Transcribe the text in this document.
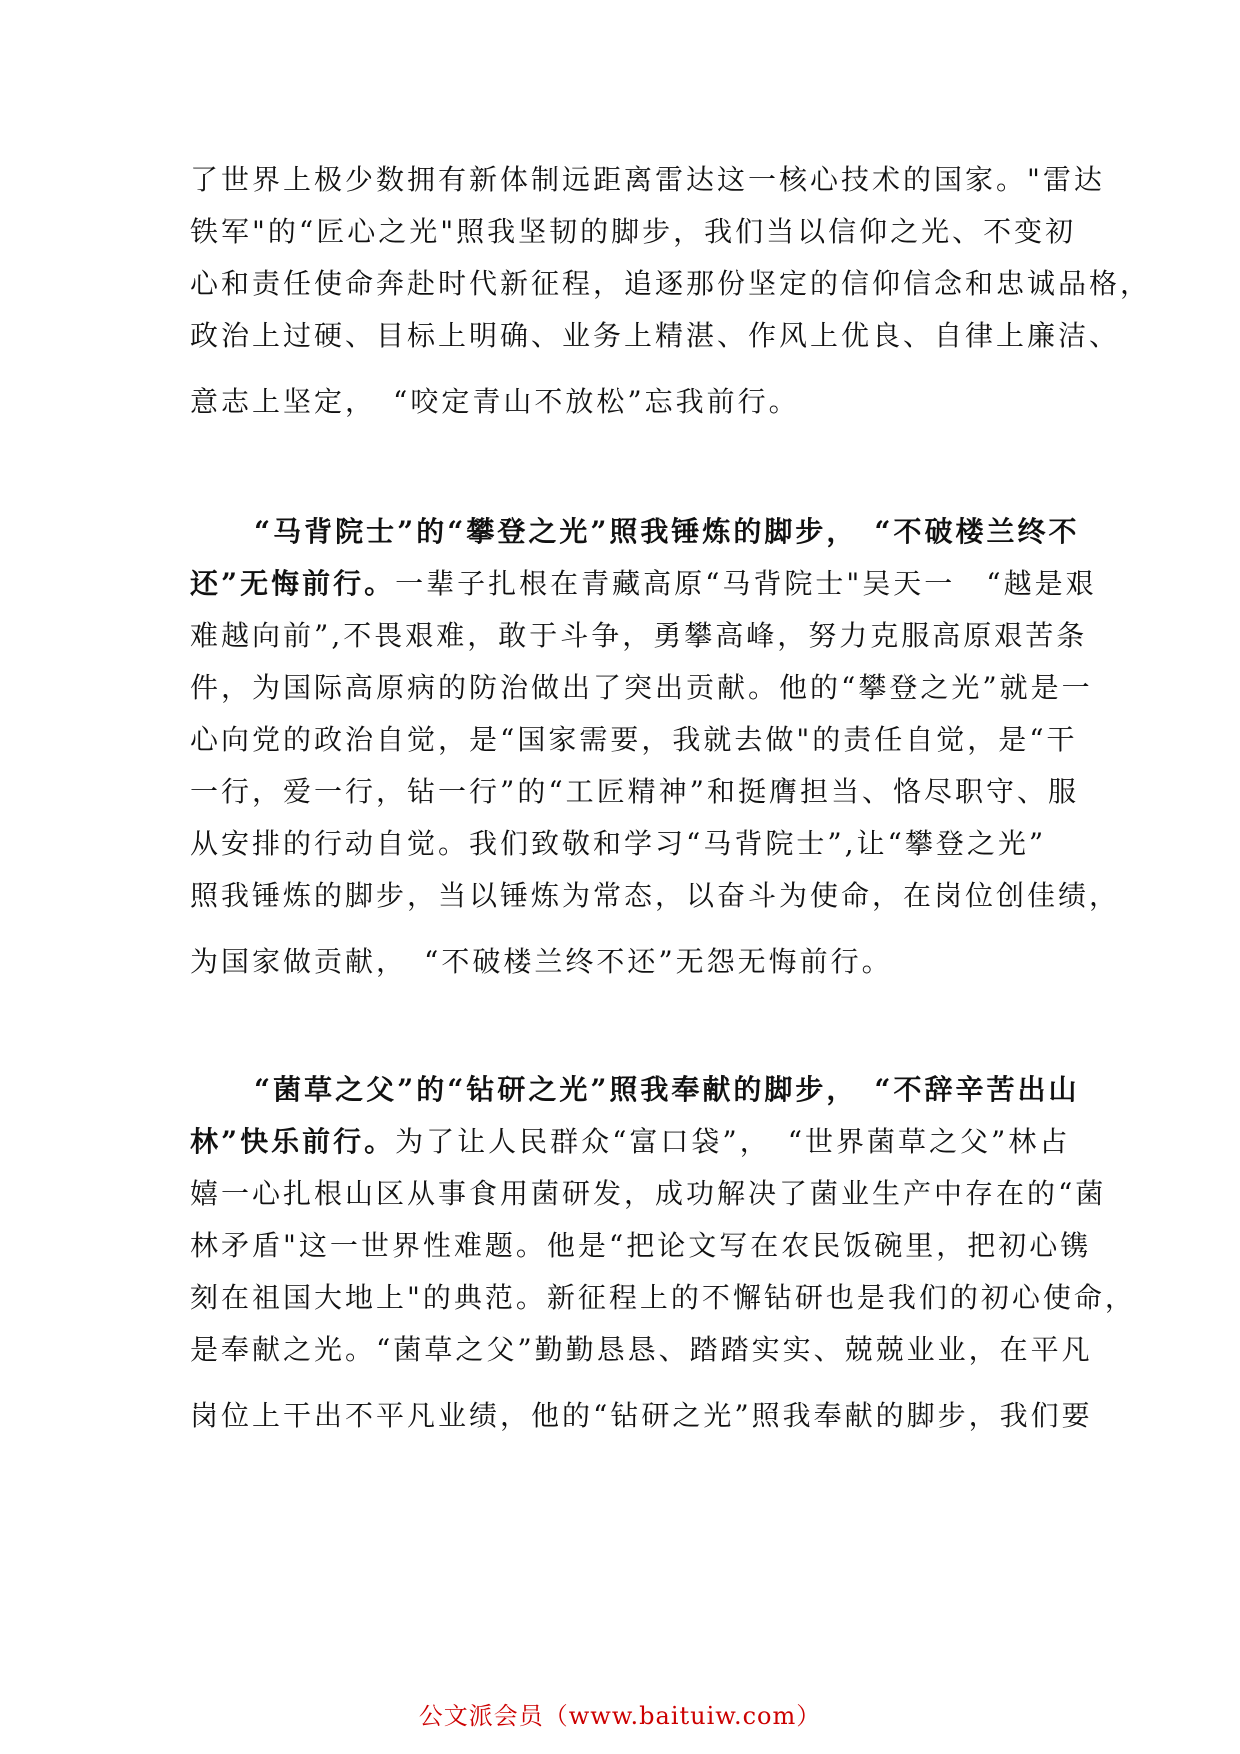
了世界上极少数拥有新体制远距离雷达这一核心技术的国家。"雷达
铁军"的“匠心之光"照我坚韧的脚步，我们当以信仰之光、不变初
心和责任使命奔赴时代新征程，追逐那份坚定的信仰信念和忠诚品格，
政治上过硬、目标上明确、业务上精湛、作风上优良、自律上廉洁、
意志上坚定，　“咬定青山不放松”忘我前行。
“马背院士”的“攀登之光”照我锤炼的脚步，　“不破楼兰终不
还”无悔前行。一辈子扎根在青藏高原“马背院士"吴天一　“越是艰
难越向前”,不畏艰难，敢于斗争，勇攀高峰，努力克服高原艰苦条
件，为国际高原病的防治做出了突出贡献。他的“攀登之光”就是一
心向党的政治自觉，是“国家需要，我就去做"的责任自觉，是“干
一行，爱一行，钻一行”的“工匠精神”和挺膺担当、恪尽职守、服
从安排的行动自觉。我们致敬和学习“马背院士”,让“攀登之光”
照我锤炼的脚步，当以锤炼为常态，以奋斗为使命，在岗位创佳绩，
为国家做贡献，　“不破楼兰终不还”无怨无悔前行。
“菌草之父”的“钻研之光”照我奉献的脚步，　“不辞辛苦出山
林”快乐前行。为了让人民群众“富口袋”，　“世界菌草之父”林占
嬉一心扎根山区从事食用菌研发，成功解决了菌业生产中存在的“菌
林矛盾"这一世界性难题。他是“把论文写在农民饭碗里，把初心镌
刻在祖国大地上"的典范。新征程上的不懈钻研也是我们的初心使命，
是奉献之光。“菌草之父”勤勤恳恳、踏踏实实、兢兢业业，在平凡
岗位上干出不平凡业绩，他的“钻研之光”照我奉献的脚步，我们要
公文派会员（www.baituiw.com）
